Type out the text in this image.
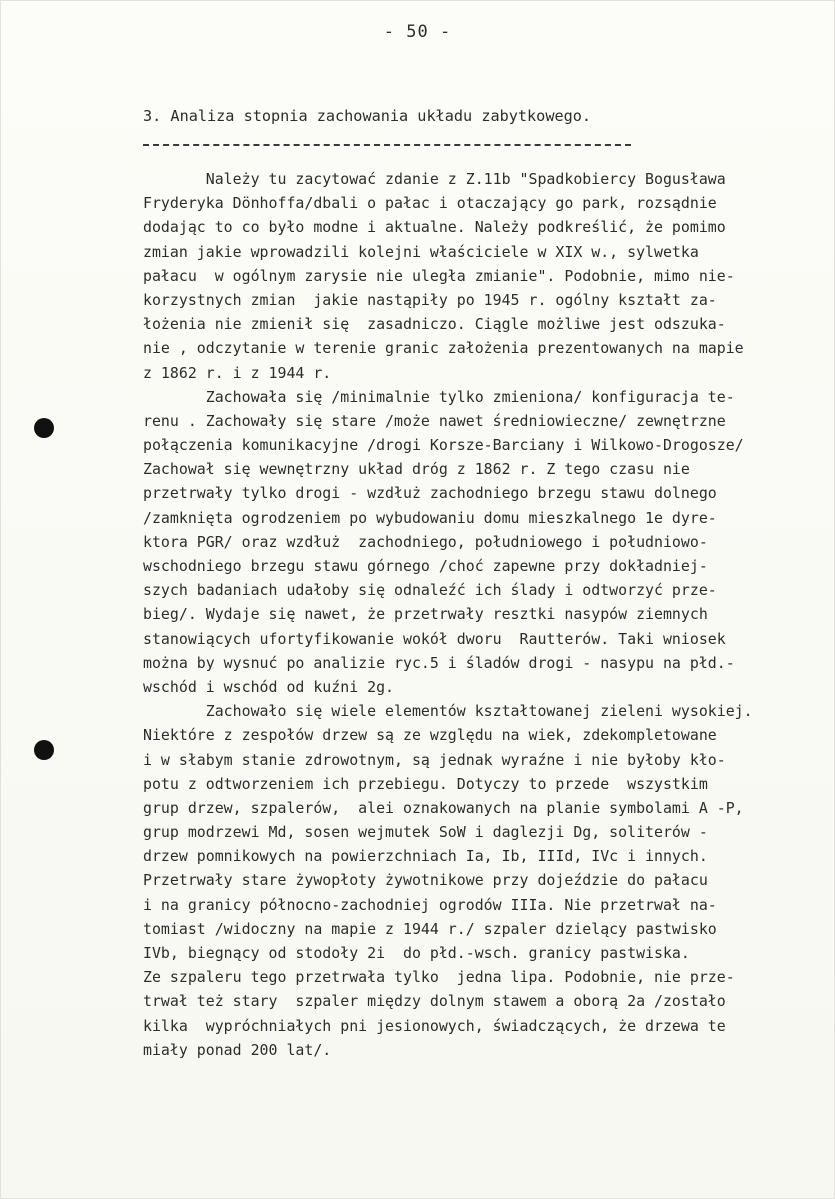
- 50 -
3. Analiza stopnia zachowania układu zabytkowego.
Należy tu zacytować zdanie z Z.11b "Spadkobiercy Bogusława
Fryderyka Dönhoffa/dbali o pałac i otaczający go park, rozsądnie
dodając to co było modne i aktualne. Należy podkreślić, że pomimo
zmian jakie wprowadzili kolejni właściciele w XIX w., sylwetka
pałacu  w ogólnym zarysie nie uległa zmianie". Podobnie, mimo nie-
korzystnych zmian  jakie nastąpiły po 1945 r. ogólny kształt za-
łożenia nie zmienił się  zasadniczo. Ciągle możliwe jest odszuka-
nie , odczytanie w terenie granic założenia prezentowanych na mapie
z 1862 r. i z 1944 r.
Zachowała się /minimalnie tylko zmieniona/ konfiguracja te-
renu . Zachowały się stare /może nawet średniowieczne/ zewnętrzne
połączenia komunikacyjne /drogi Korsze-Barciany i Wilkowo-Drogosze/
Zachował się wewnętrzny układ dróg z 1862 r. Z tego czasu nie
przetrwały tylko drogi - wzdłuż zachodniego brzegu stawu dolnego
/zamknięta ogrodzeniem po wybudowaniu domu mieszkalnego 1e dyre-
ktora PGR/ oraz wzdłuż  zachodniego, południowego i południowo-
wschodniego brzegu stawu górnego /choć zapewne przy dokładniej-
szych badaniach udałoby się odnaleźć ich ślady i odtworzyć prze-
bieg/. Wydaje się nawet, że przetrwały resztki nasypów ziemnych
stanowiących ufortyfikowanie wokół dworu  Rautterów. Taki wniosek
można by wysnuć po analizie ryc.5 i śladów drogi - nasypu na płd.-
wschód i wschód od kuźni 2g.
Zachowało się wiele elementów kształtowanej zieleni wysokiej.
Niektóre z zespołów drzew są ze względu na wiek, zdekompletowane
i w słabym stanie zdrowotnym, są jednak wyraźne i nie byłoby kło-
potu z odtworzeniem ich przebiegu. Dotyczy to przede  wszystkim
grup drzew, szpalerów,  alei oznakowanych na planie symbolami A -P,
grup modrzewi Md, sosen wejmutek SoW i daglezji Dg, soliterów -
drzew pomnikowych na powierzchniach Ia, Ib, IIId, IVc i innych.
Przetrwały stare żywopłoty żywotnikowe przy dojeździe do pałacu
i na granicy północno-zachodniej ogrodów IIIa. Nie przetrwał na-
tomiast /widoczny na mapie z 1944 r./ szpaler dzielący pastwisko
IVb, biegnący od stodoły 2i  do płd.-wsch. granicy pastwiska.
Ze szpaleru tego przetrwała tylko  jedna lipa. Podobnie, nie prze-
trwał też stary  szpaler między dolnym stawem a oborą 2a /zostało
kilka  wypróchniałych pni jesionowych, świadczących, że drzewa te
miały ponad 200 lat/.
